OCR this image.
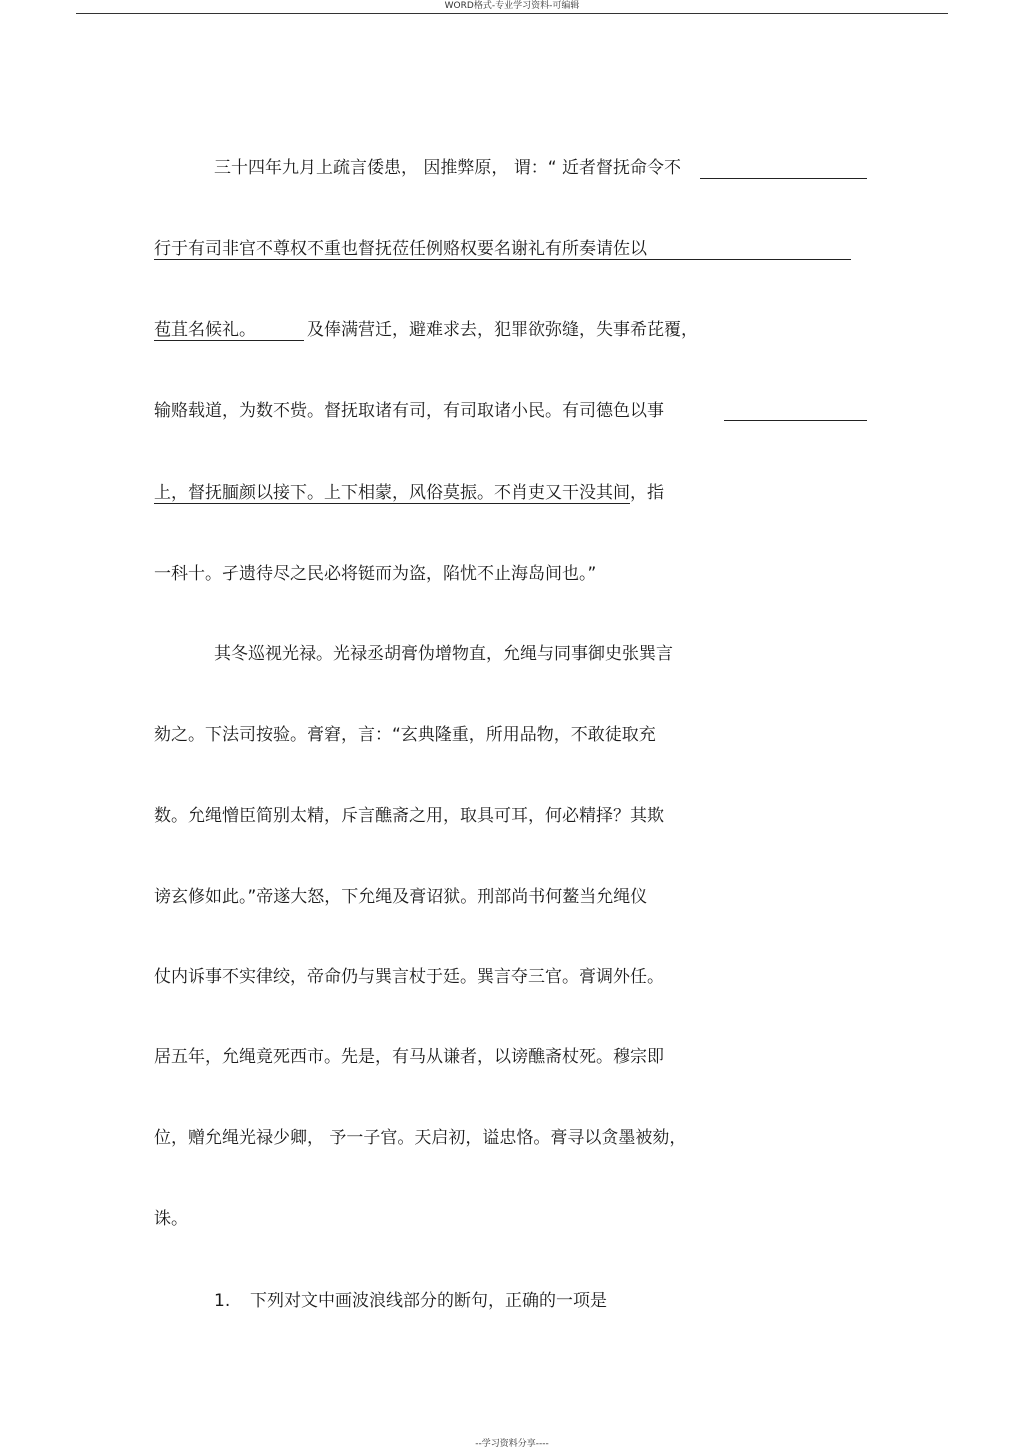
WORD格式-专业学习资料-可编辑
三十四年九月上疏言倭患， 因推弊原， 谓：“ 近者督抚命令不
行于有司非官不尊权不重也督抚莅任例赂权要名谢礼有所奏请佐以
苞苴名候礼。	及俸满营迁，避难求去，犯罪欲弥缝，失事希芘覆，
输赂载道，为数不赀。督抚取诸有司，有司取诸小民。有司德色以事
上，督抚腼颜以接下。上下相蒙，风俗莫振。不肖吏又干没其间，指
一科十。孑遗待尽之民必将铤而为盗，陷忧不止海岛间也。”
其冬巡视光禄。光禄丞胡膏伪增物直，允绳与同事御史张巽言
劾之。下法司按验。膏窘，言：“玄典隆重，所用品物，不敢徒取充
数。允绳憎臣简别太精，斥言醮斋之用，取具可耳，何必精择？其欺
谤玄修如此。”帝遂大怒，下允绳及膏诏狱。刑部尚书何鳌当允绳仪
仗内诉事不实律绞，帝命仍与巽言杖于廷。巽言夺三官。膏调外任。
居五年，允绳竟死西市。先是，有马从谦者，以谤醮斋杖死。穆宗即
位，赠允绳光禄少卿， 予一子官。天启初，谥忠恪。膏寻以贪墨被劾，
诛。
1. 下列对文中画波浪线部分的断句，正确的一项是
--学习资料分享----
